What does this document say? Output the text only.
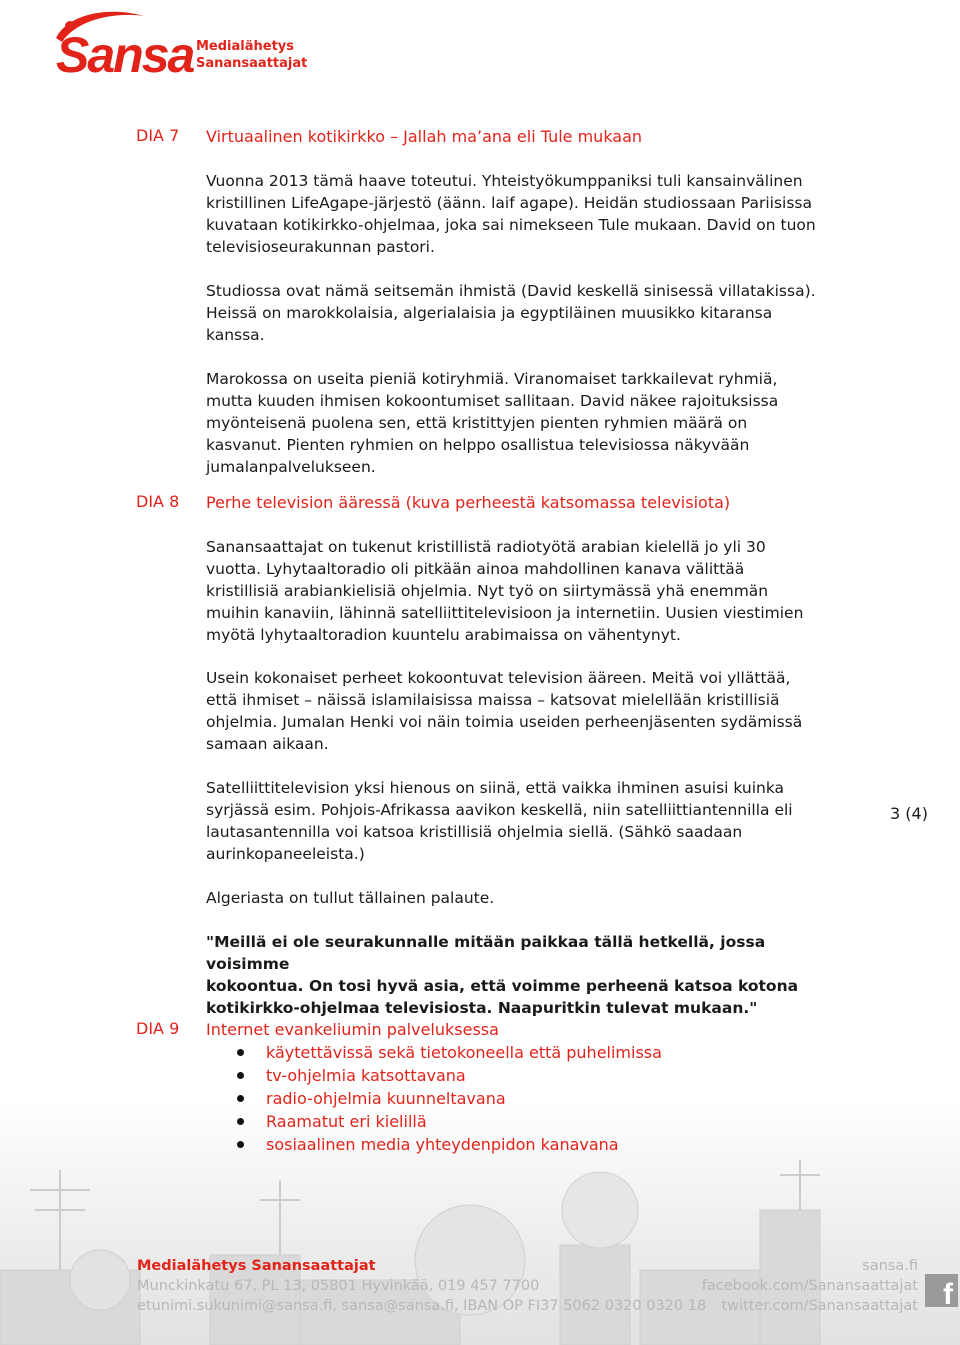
Sansa Medialähetys
Sanansaattajat
DIA 7 Virtuaalinen kotikirkko – Jallah ma’ana eli Tule mukaan
Vuonna 2013 tämä haave toteutui. Yhteistyökumppaniksi tuli kansainvälinen
kristillinen LifeAgape-järjestö (äänn. laif agape). Heidän studiossaan Pariisissa
kuvataan kotikirkko-ohjelmaa, joka sai nimekseen Tule mukaan. David on tuon
televisioseurakunnan pastori.
Studiossa ovat nämä seitsemän ihmistä (David keskellä sinisessä villatakissa).
Heissä on marokkolaisia, algerialaisia ja egyptiläinen muusikko kitaransa
kanssa.
Marokossa on useita pieniä kotiryhmiä. Viranomaiset tarkkailevat ryhmiä,
mutta kuuden ihmisen kokoontumiset sallitaan. David näkee rajoituksissa
myönteisenä puolena sen, että kristittyjen pienten ryhmien määrä on
kasvanut. Pienten ryhmien on helppo osallistua televisiossa näkyvään
jumalanpalvelukseen.
DIA 8 Perhe television ääressä (kuva perheestä katsomassa televisiota)
Sanansaattajat on tukenut kristillistä radiotyötä arabian kielellä jo yli 30
vuotta. Lyhytaaltoradio oli pitkään ainoa mahdollinen kanava välittää
kristillisiä arabiankielisiä ohjelmia. Nyt työ on siirtymässä yhä enemmän
muihin kanaviin, lähinnä satelliittitelevisioon ja internetiin. Uusien viestimien
myötä lyhytaaltoradion kuuntelu arabimaissa on vähentynyt.
Usein kokonaiset perheet kokoontuvat television ääreen. Meitä voi yllättää,
että ihmiset – näissä islamilaisissa maissa – katsovat mielellään kristillisiä
ohjelmia. Jumalan Henki voi näin toimia useiden perheenjäsenten sydämissä
samaan aikaan.
Satelliittitelevision yksi hienous on siinä, että vaikka ihminen asuisi kuinka
syrjässä esim. Pohjois-Afrikassa aavikon keskellä, niin satelliittiantennilla eli
lautasantennilla voi katsoa kristillisiä ohjelmia siellä. (Sähkö saadaan
aurinkopaneeleista.)
3 (4)
Algeriasta on tullut tällainen palaute.
"Meillä ei ole seurakunnalle mitään paikkaa tällä hetkellä, jossa voisimme
kokoontua. On tosi hyvä asia, että voimme perheenä katsoa kotona
kotikirkko-ohjelmaa televisiosta. Naapuritkin tulevat mukaan."
DIA 9 Internet evankeliumin palveluksessa
käytettävissä sekä tietokoneella että puhelimissa
tv-ohjelmia katsottavana
radio-ohjelmia kuunneltavana
Raamatut eri kielillä
sosiaalinen media yhteydenpidon kanavana
Medialähetys Sanansaattajat
Munckinkatu 67, PL 13, 05801 Hyvinkää, 019 457 7700
etunimi.sukunimi@sansa.fi, sansa@sansa.fi, IBAN OP FI37 5062 0320 0320 18
sansa.fi
facebook.com/Sanansaattajat
twitter.com/Sanansaattajat f
